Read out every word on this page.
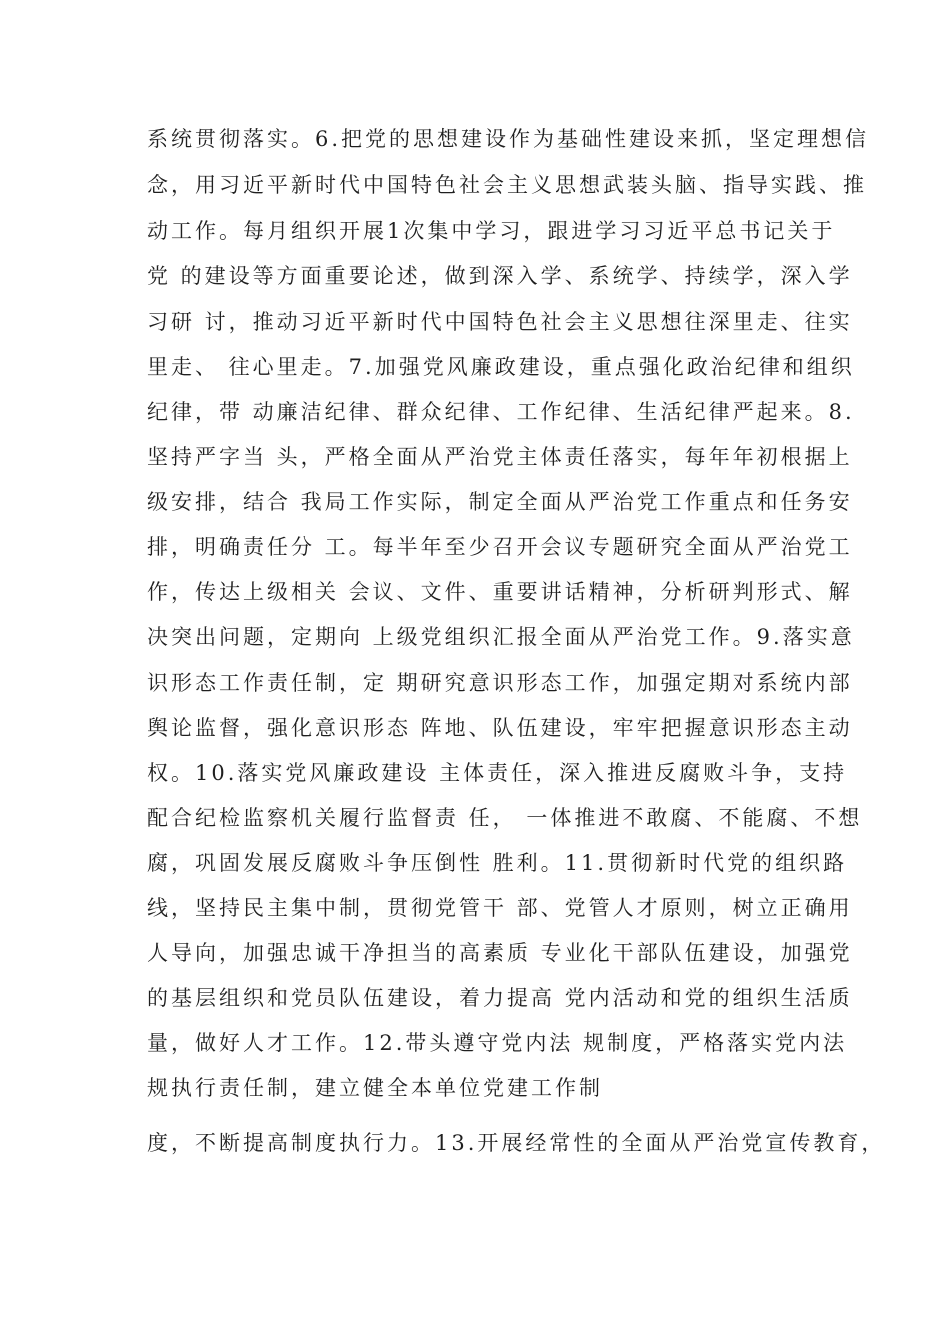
系统贯彻落实。6.把党的思想建设作为基础性建设来抓，坚定理想信
念，用习近平新时代中国特色社会主义思想武装头脑、指导实践、推
动工作。每月组织开展1次集中学习，跟进学习习近平总书记关于
党 的建设等方面重要论述，做到深入学、系统学、持续学，深入学
习研 讨，推动习近平新时代中国特色社会主义思想往深里走、往实
里走、 往心里走。7.加强党风廉政建设，重点强化政治纪律和组织
纪律，带 动廉洁纪律、群众纪律、工作纪律、生活纪律严起来。8.
坚持严字当 头，严格全面从严治党主体责任落实，每年年初根据上
级安排，结合 我局工作实际，制定全面从严治党工作重点和任务安
排，明确责任分 工。每半年至少召开会议专题研究全面从严治党工
作，传达上级相关 会议、文件、重要讲话精神，分析研判形式、解
决突出问题，定期向 上级党组织汇报全面从严治党工作。9.落实意
识形态工作责任制，定 期研究意识形态工作，加强定期对系统内部
舆论监督，强化意识形态 阵地、队伍建设，牢牢把握意识形态主动
权。10.落实党风廉政建设 主体责任，深入推进反腐败斗争，支持
配合纪检监察机关履行监督责 任， 一体推进不敢腐、不能腐、不想
腐，巩固发展反腐败斗争压倒性 胜利。11.贯彻新时代党的组织路
线，坚持民主集中制，贯彻党管干 部、党管人才原则，树立正确用
人导向，加强忠诚干净担当的高素质 专业化干部队伍建设，加强党
的基层组织和党员队伍建设，着力提高 党内活动和党的组织生活质
量，做好人才工作。12.带头遵守党内法 规制度，严格落实党内法
规执行责任制，建立健全本单位党建工作制
度，不断提高制度执行力。13.开展经常性的全面从严治党宣传教育，
